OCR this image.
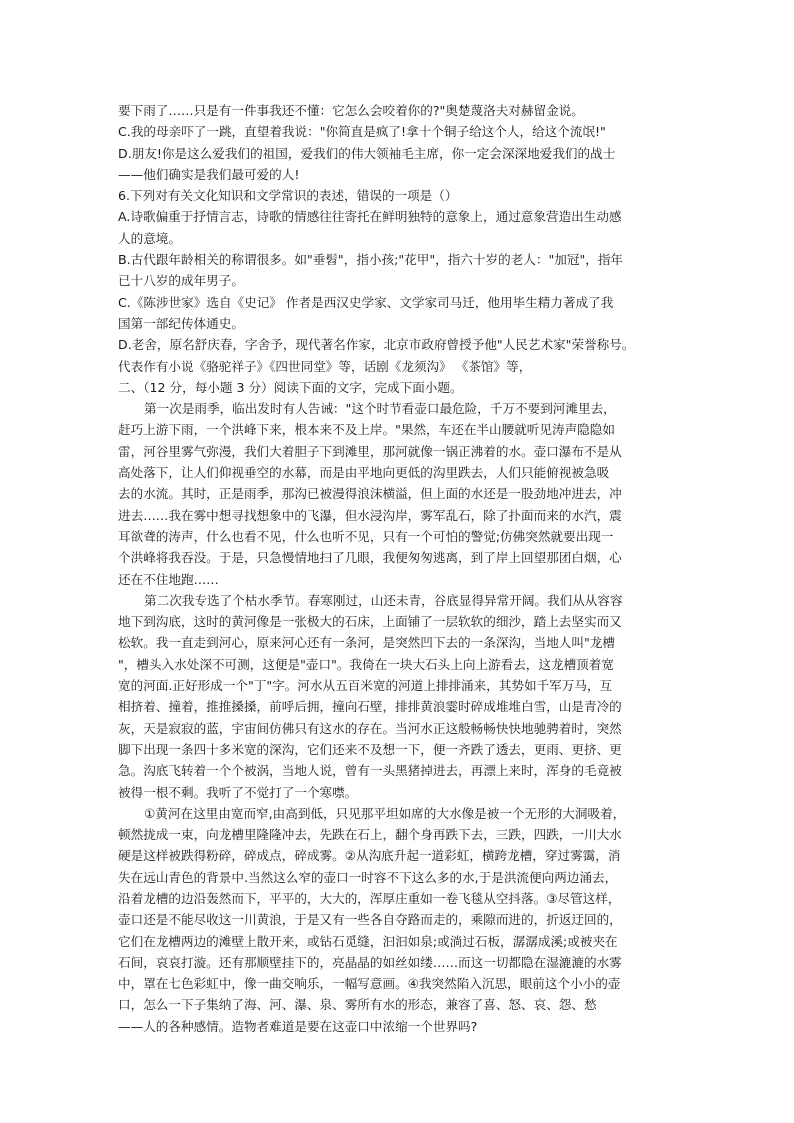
要下雨了……只是有一件事我还不懂：它怎么会咬着你的?"奥楚蔑洛夫对赫留金说。
C.我的母亲吓了一跳，直望着我说："你简直是疯了!拿十个铜子给这个人，给这个流氓!"
D.朋友!你是这么爱我们的祖国，爱我们的伟大领袖毛主席，你一定会深深地爱我们的战士
——他们确实是我们最可爱的人!
6.下列对有关文化知识和文学常识的表述，错误的一项是（）
A.诗歌偏重于抒情言志，诗歌的情感往往寄托在鲜明独特的意象上，通过意象营造出生动感
人的意境。
B.古代跟年龄相关的称谓很多。如"垂髫"，指小孩;"花甲"，指六十岁的老人："加冠"，指年
已十八岁的成年男子。
C.《陈涉世家》选自《史记》 作者是西汉史学家、文学家司马迁，他用毕生精力著成了我
国第一部纪传体通史。
D.老舍，原名舒庆春，字舍予，现代著名作家，北京市政府曾授予他"人民艺术家"荣誉称号。
代表作有小说《骆驼祥子》《四世同堂》等，话剧《龙须沟》 《茶馆》等，
二、（12 分，每小题 3 分）阅读下面的文字，完成下面小题。
第一次是雨季，临出发时有人告诫："这个时节看壶口最危险，千万不要到河滩里去，
赶巧上游下雨，一个洪峰下来，根本来不及上岸。"果然，车还在半山腰就听见涛声隐隐如
雷，河谷里雾气弥漫，我们大着胆子下到滩里，那河就像一锅正沸着的水。壶口瀑布不是从
高处落下，让人们仰视垂空的水幕，而是由平地向更低的沟里跌去，人们只能俯视被急吸
去的水流。其时，正是雨季，那沟已被漫得浪沫横溢，但上面的水还是一股劲地冲进去，冲
进去……我在雾中想寻找想象中的飞瀑，但水浸沟岸，雾军乱石，除了扑面而来的水汽，震
耳欲聋的涛声，什么也看不见，什么也听不见，只有一个可怕的警觉;仿佛突然就要出现一
个洪峰将我吞没。于是，只急慢情地扫了几眼，我便匆匆逃离，到了岸上回望那团白烟，心
还在不住地跑……
第二次我专选了个枯水季节。春寒刚过，山还未青，谷底显得异常开阔。我们从从容容
地下到沟底，这时的黄河像是一张极大的石床，上面铺了一层软软的细沙，踏上去坚实而又
松软。我一直走到河心，原来河心还有一条河，是突然凹下去的一条深沟，当地人叫"龙槽
"，槽头入水处深不可测，这便是"壶口"。我倚在一块大石头上向上游看去，这龙槽顶着宽
宽的河面.正好形成一个"丁"字。河水从五百米宽的河道上排排涌来，其势如千军万马，互
相挤着、撞着，推推搡搡，前呼后拥，撞向石壁，排排黄浪霎时碎成堆堆白雪，山是青冷的
灰，天是寂寂的蓝，宇宙间仿佛只有这水的存在。当河水正这般畅畅快快地驰骋着时，突然
脚下出现一条四十多米宽的深沟，它们还来不及想一下，便一齐跌了透去，更雨、更挤、更
急。沟底飞转着一个个被涡，当地人说，曾有一头黑猪掉进去，再漂上来时，浑身的毛竟被
被得一根不剩。我听了不觉打了一个寒噤。
①黄河在这里由宽而窄,由高到低，只见那平坦如席的大水像是被一个无形的大洞吸着，
顿然拢成一束，向龙槽里隆隆冲去，先跌在石上，翻个身再跌下去，三跌，四跌，一川大水
硬是这样被跌得粉碎，碎成点，碎成雾。②从沟底升起一道彩虹，横跨龙槽，穿过雾霭，消
失在远山青色的背景中.当然这么窄的壶口一时容不下这么多的水,于是洪流便向两边涌去，
沿着龙槽的边沿轰然而下，平平的，大大的，浑厚庄重如一卷飞毯从空抖落。③尽管这样，
壶口还是不能尽收这一川黄浪，于是又有一些各自夺路而走的，乘隙而进的，折返迂回的，
它们在龙槽两边的滩壁上散开来，或钻石觅缝，汩汩如泉;或淌过石板，潺潺成溪;或被夹在
石间，哀哀打漩。还有那顺壁挂下的，亮晶晶的如丝如缕……而这一切都隐在湿漉漉的水雾
中，罩在七色彩虹中，像一曲交响乐，一幅写意画。④我突然陷入沉思，眼前这个小小的壶
口，怎么一下子集纳了海、河、瀑、泉、雾所有水的形态，兼容了喜、怒、哀、怨、愁
——人的各种感情。造物者难道是要在这壶口中浓缩一个世界吗?
